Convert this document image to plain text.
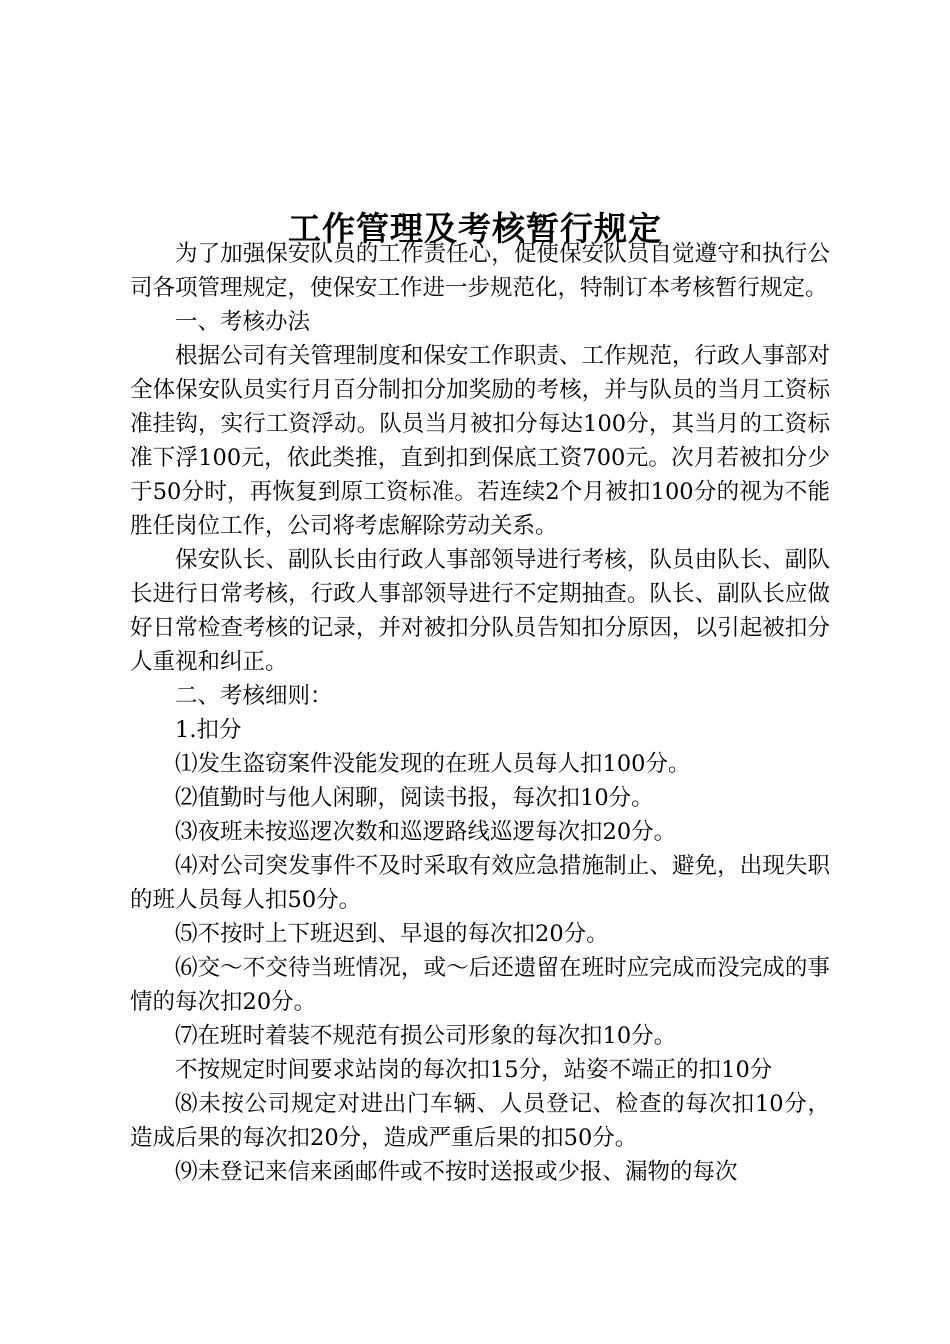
工作管理及考核暂行规定

为了加强保安队员的工作责任心，促使保安队员自觉遵守和执行公司各项管理规定，使保安工作进一步规范化，特制订本考核暂行规定。

一、考核办法

根据公司有关管理制度和保安工作职责、工作规范，行政人事部对全体保安队员实行月百分制扣分加奖励的考核，并与队员的当月工资标准挂钩，实行工资浮动。队员当月被扣分每达100分，其当月的工资标准下浮100元，依此类推，直到扣到保底工资700元。次月若被扣分少于50分时，再恢复到原工资标准。若连续2个月被扣100分的视为不能胜任岗位工作，公司将考虑解除劳动关系。

保安队长、副队长由行政人事部领导进行考核，队员由队长、副队长进行日常考核，行政人事部领导进行不定期抽查。队长、副队长应做好日常检查考核的记录，并对被扣分队员告知扣分原因，以引起被扣分人重视和纠正。

二、考核细则：

1.扣分

⑴发生盗窃案件没能发现的在班人员每人扣100分。

⑵值勤时与他人闲聊，阅读书报，每次扣10分。

⑶夜班未按巡逻次数和巡逻路线巡逻每次扣20分。

⑷对公司突发事件不及时采取有效应急措施制止、避免，出现失职的班人员每人扣50分。

⑸不按时上下班迟到、早退的每次扣20分。

⑹交～不交待当班情况，或～后还遗留在班时应完成而没完成的事情的每次扣20分。

⑺在班时着装不规范有损公司形象的每次扣10分。

不按规定时间要求站岗的每次扣15分，站姿不端正的扣10分

⑻未按公司规定对进出门车辆、人员登记、检查的每次扣10分，造成后果的每次扣20分，造成严重后果的扣50分。

⑼未登记来信来函邮件或不按时送报或少报、漏物的每次
